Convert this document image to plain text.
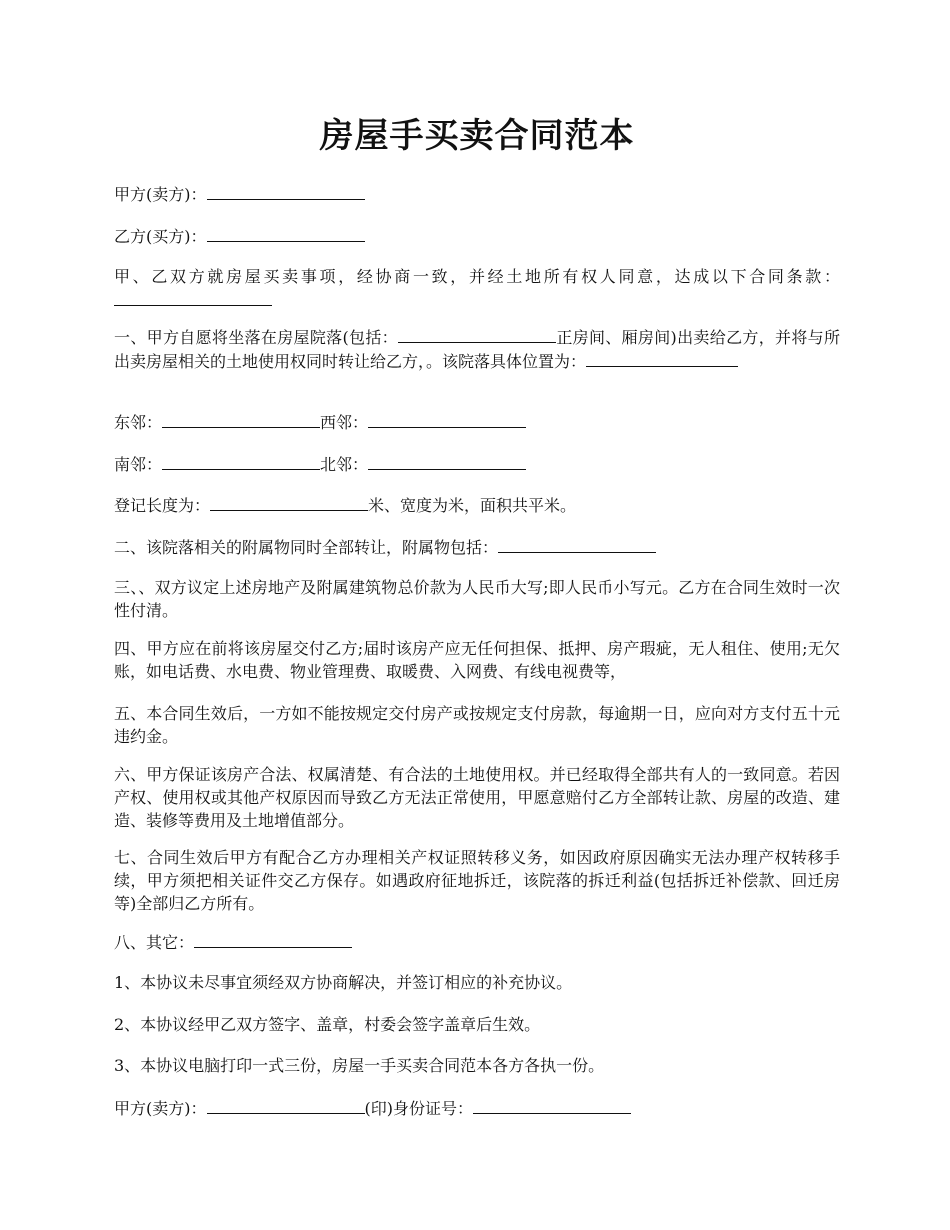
房屋手买卖合同范本

甲方(卖方)：

乙方(买方)：

甲、乙双方就房屋买卖事项，经协商一致，并经土地所有权人同意，达成以下合同条款：

一、甲方自愿将坐落在房屋院落(包括：	正房间、厢房间)出卖给乙方，并将与所出卖房屋相关的土地使用权同时转让给乙方，。该院落具体位置为：

东邻：	西邻：

南邻：	北邻：

登记长度为：	米、宽度为米，面积共平米。

二、该院落相关的附属物同时全部转让，附属物包括：

三、、双方议定上述房地产及附属建筑物总价款为人民币大写;即人民币小写元。乙方在合同生效时一次性付清。

四、甲方应在前将该房屋交付乙方;届时该房产应无任何担保、抵押、房产瑕疵，无人租住、使用;无欠账，如电话费、水电费、物业管理费、取暖费、入网费、有线电视费等，

五、本合同生效后，一方如不能按规定交付房产或按规定支付房款，每逾期一日，应向对方支付五十元违约金。

六、甲方保证该房产合法、权属清楚、有合法的土地使用权。并已经取得全部共有人的一致同意。若因产权、使用权或其他产权原因而导致乙方无法正常使用，甲愿意赔付乙方全部转让款、房屋的改造、建造、装修等费用及土地增值部分。

七、合同生效后甲方有配合乙方办理相关产权证照转移义务，如因政府原因确实无法办理产权转移手续，甲方须把相关证件交乙方保存。如遇政府征地拆迁，该院落的拆迁利益(包括拆迁补偿款、回迁房等)全部归乙方所有。

八、其它：

1、本协议未尽事宜须经双方协商解决，并签订相应的补充协议。

2、本协议经甲乙双方签字、盖章，村委会签字盖章后生效。

3、本协议电脑打印一式三份，房屋一手买卖合同范本各方各执一份。

甲方(卖方)：	(印)身份证号：
